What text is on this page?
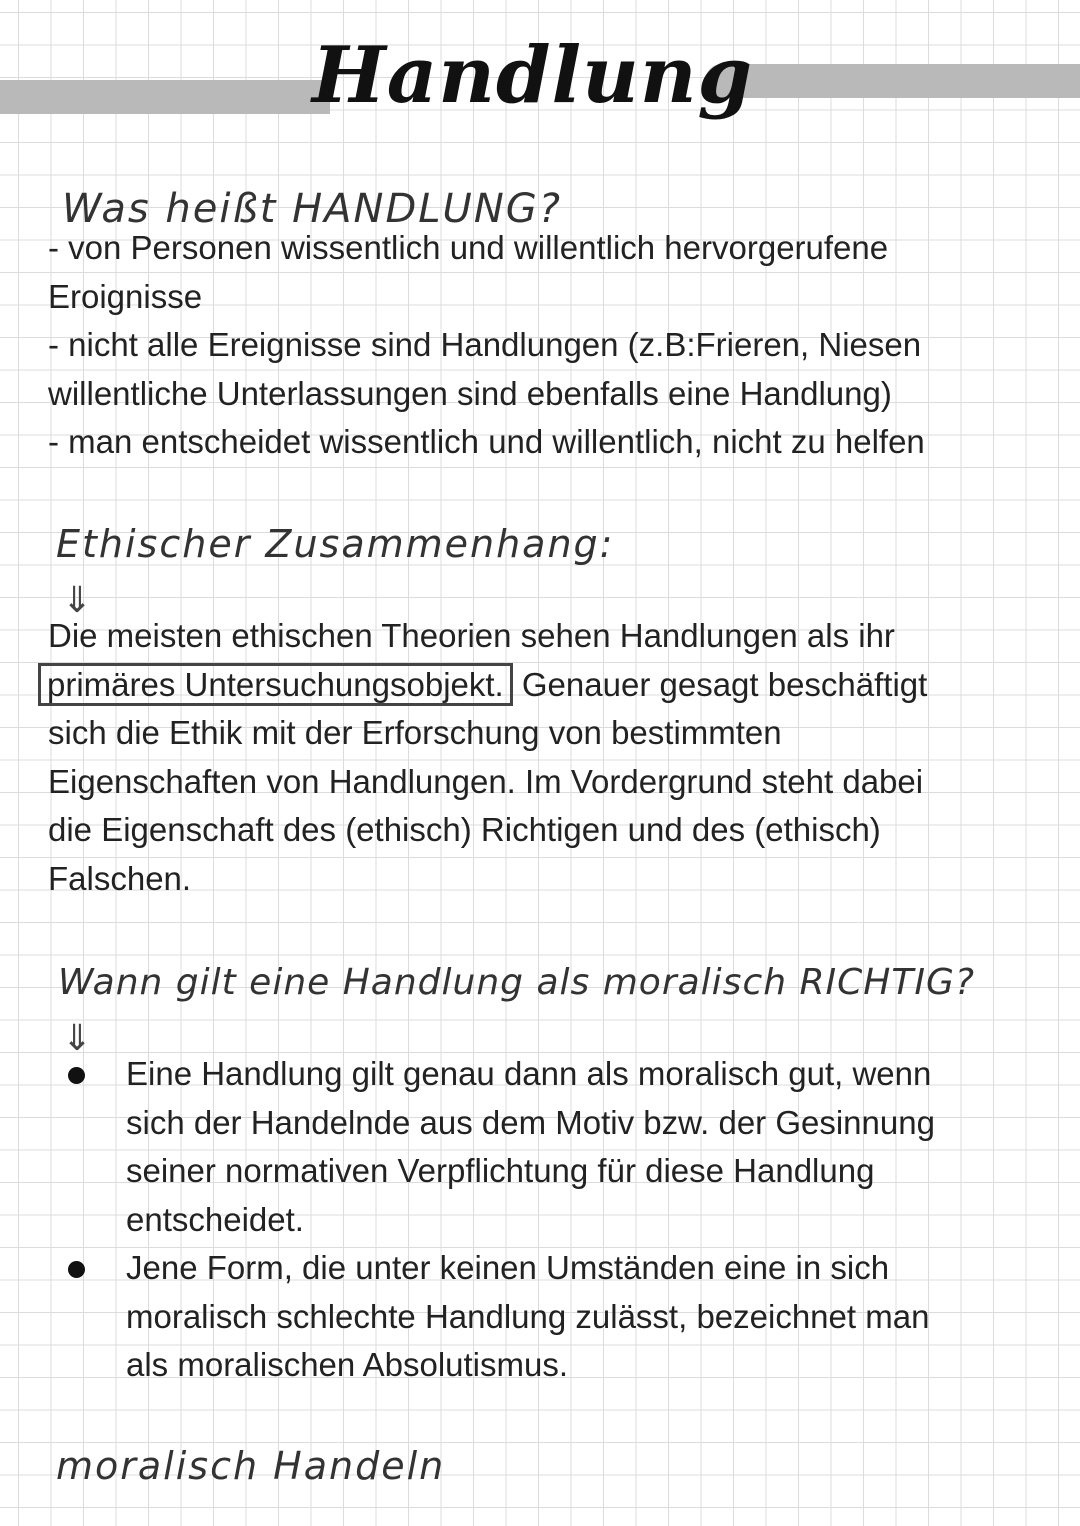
Handlung
Was heißt HANDLUNG?
- von Personen wissentlich und willentlich hervorgerufene
Eroignisse
- nicht alle Ereignisse sind Handlungen (z.B:Frieren, Niesen
willentliche Unterlassungen sind ebenfalls eine Handlung)
- man entscheidet wissentlich und willentlich, nicht zu helfen
Ethischer Zusammenhang:
⇓
Die meisten ethischen Theorien sehen Handlungen als ihr
primäres Untersuchungsobjekt. Genauer gesagt beschäftigt
sich die Ethik mit der Erforschung von bestimmten
Eigenschaften von Handlungen. Im Vordergrund steht dabei
die Eigenschaft des (ethisch) Richtigen und des (ethisch)
Falschen.
Wann gilt eine Handlung als moralisch RICHTIG?
⇓
Eine Handlung gilt genau dann als moralisch gut, wenn
sich der Handelnde aus dem Motiv bzw. der Gesinnung
seiner normativen Verpflichtung für diese Handlung
entscheidet.
Jene Form, die unter keinen Umständen eine in sich
moralisch schlechte Handlung zulässt, bezeichnet man
als moralischen Absolutismus.
moralisch Handeln
